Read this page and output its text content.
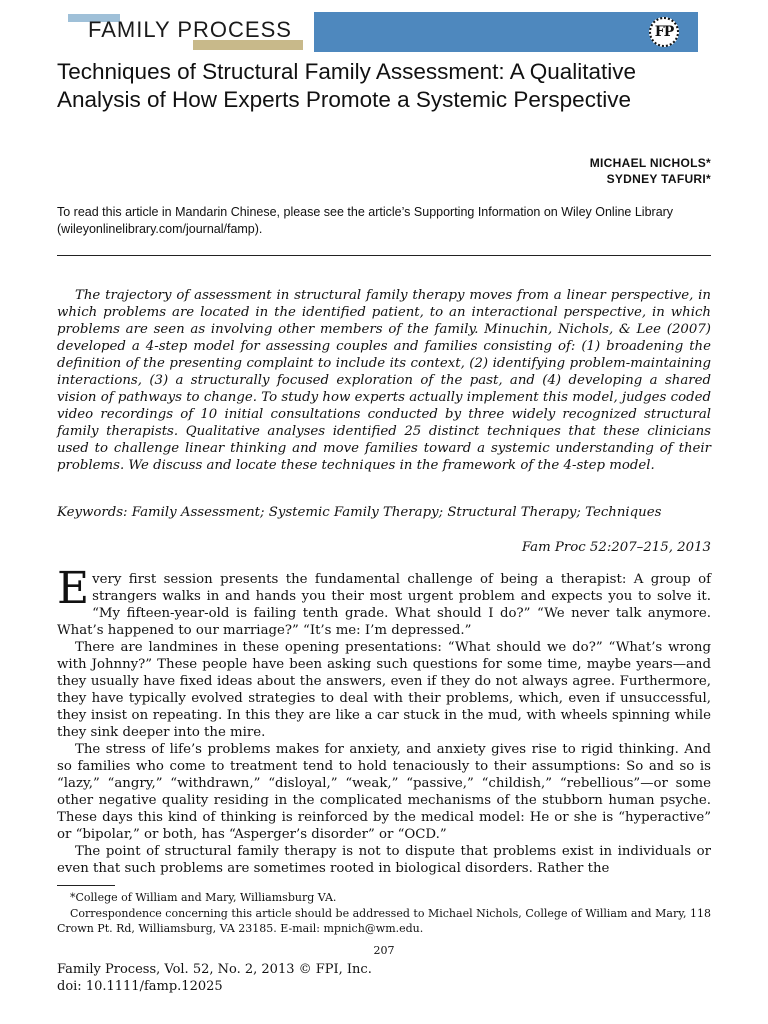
FAMILY PROCESS	FP
Techniques of Structural Family Assessment: A Qualitative Analysis of How Experts Promote a Systemic Perspective
MICHAEL NICHOLS*
SYDNEY TAFURI*
To read this article in Mandarin Chinese, please see the article’s Supporting Information on Wiley Online Library (wileyonlinelibrary.com/journal/famp).

The trajectory of assessment in structural family therapy moves from a linear perspective, in which problems are located in the identified patient, to an interactional perspective, in which problems are seen as involving other members of the family. Minuchin, Nichols, & Lee (2007) developed a 4-step model for assessing couples and families consisting of: (1) broadening the definition of the presenting complaint to include its context, (2) identifying problem-maintaining interactions, (3) a structurally focused exploration of the past, and (4) developing a shared vision of pathways to change. To study how experts actually implement this model, judges coded video recordings of 10 initial consultations conducted by three widely recognized structural family therapists. Qualitative analyses identified 25 distinct techniques that these clinicians used to challenge linear thinking and move families toward a systemic understanding of their problems. We discuss and locate these techniques in the framework of the 4-step model.

Keywords: Family Assessment; Systemic Family Therapy; Structural Therapy; Techniques

Fam Proc 52:207–215, 2013

Every first session presents the fundamental challenge of being a therapist: A group of strangers walks in and hands you their most urgent problem and expects you to solve it. “My fifteen-year-old is failing tenth grade. What should I do?” “We never talk anymore. What’s happened to our marriage?” “It’s me: I’m depressed.”

There are landmines in these opening presentations: “What should we do?” “What’s wrong with Johnny?” These people have been asking such questions for some time, maybe years—and they usually have fixed ideas about the answers, even if they do not always agree. Furthermore, they have typically evolved strategies to deal with their problems, which, even if unsuccessful, they insist on repeating. In this they are like a car stuck in the mud, with wheels spinning while they sink deeper into the mire.

The stress of life’s problems makes for anxiety, and anxiety gives rise to rigid thinking. And so families who come to treatment tend to hold tenaciously to their assumptions: So and so is “lazy,” “angry,” “withdrawn,” “disloyal,” “weak,” “passive,” “childish,” “rebellious”—or some other negative quality residing in the complicated mechanisms of the stubborn human psyche. These days this kind of thinking is reinforced by the medical model: He or she is “hyperactive” or “bipolar,” or both, has “Asperger’s disorder” or “OCD.”

The point of structural family therapy is not to dispute that problems exist in individuals or even that such problems are sometimes rooted in biological disorders. Rather the

*College of William and Mary, Williamsburg VA.

Correspondence concerning this article should be addressed to Michael Nichols, College of William and Mary, 118 Crown Pt. Rd, Williamsburg, VA 23185. E-mail: mpnich@wm.edu.

207
Family Process, Vol. 52, No. 2, 2013 © FPI, Inc.
doi: 10.1111/famp.12025
